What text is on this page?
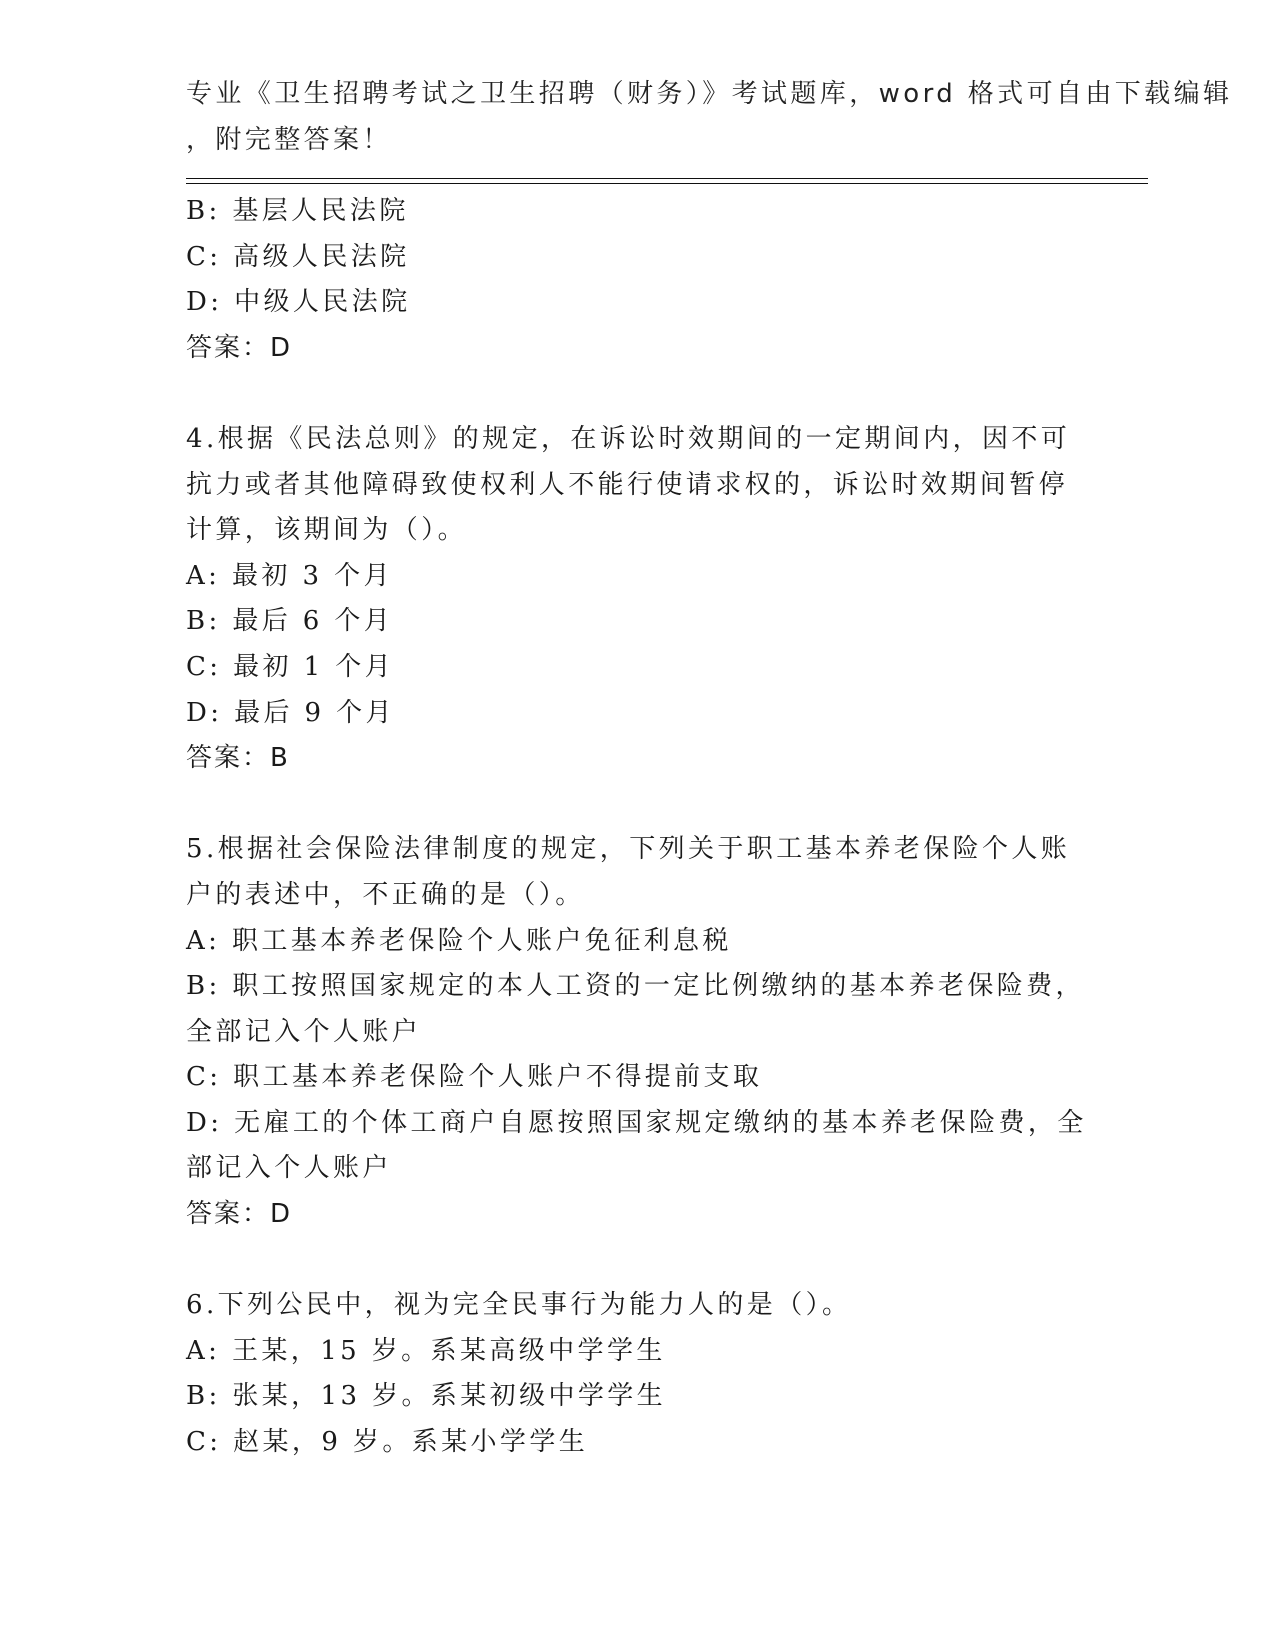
专业《卫生招聘考试之卫生招聘（财务）》考试题库，word 格式可自由下载编辑
，附完整答案！
B: 基层人民法院
C: 高级人民法院
D: 中级人民法院
答案：D
4.根据《民法总则》的规定，在诉讼时效期间的一定期间内，因不可
抗力或者其他障碍致使权利人不能行使请求权的，诉讼时效期间暂停
计算，该期间为（）。
A: 最初 3 个月
B: 最后 6 个月
C: 最初 1 个月
D: 最后 9 个月
答案：B
5.根据社会保险法律制度的规定，下列关于职工基本养老保险个人账
户的表述中，不正确的是（）。
A: 职工基本养老保险个人账户免征利息税
B: 职工按照国家规定的本人工资的一定比例缴纳的基本养老保险费，
全部记入个人账户
C: 职工基本养老保险个人账户不得提前支取
D: 无雇工的个体工商户自愿按照国家规定缴纳的基本养老保险费，全
部记入个人账户
答案：D
6.下列公民中，视为完全民事行为能力人的是（）。
A: 王某，15 岁。系某高级中学学生
B: 张某，13 岁。系某初级中学学生
C: 赵某，9 岁。系某小学学生
